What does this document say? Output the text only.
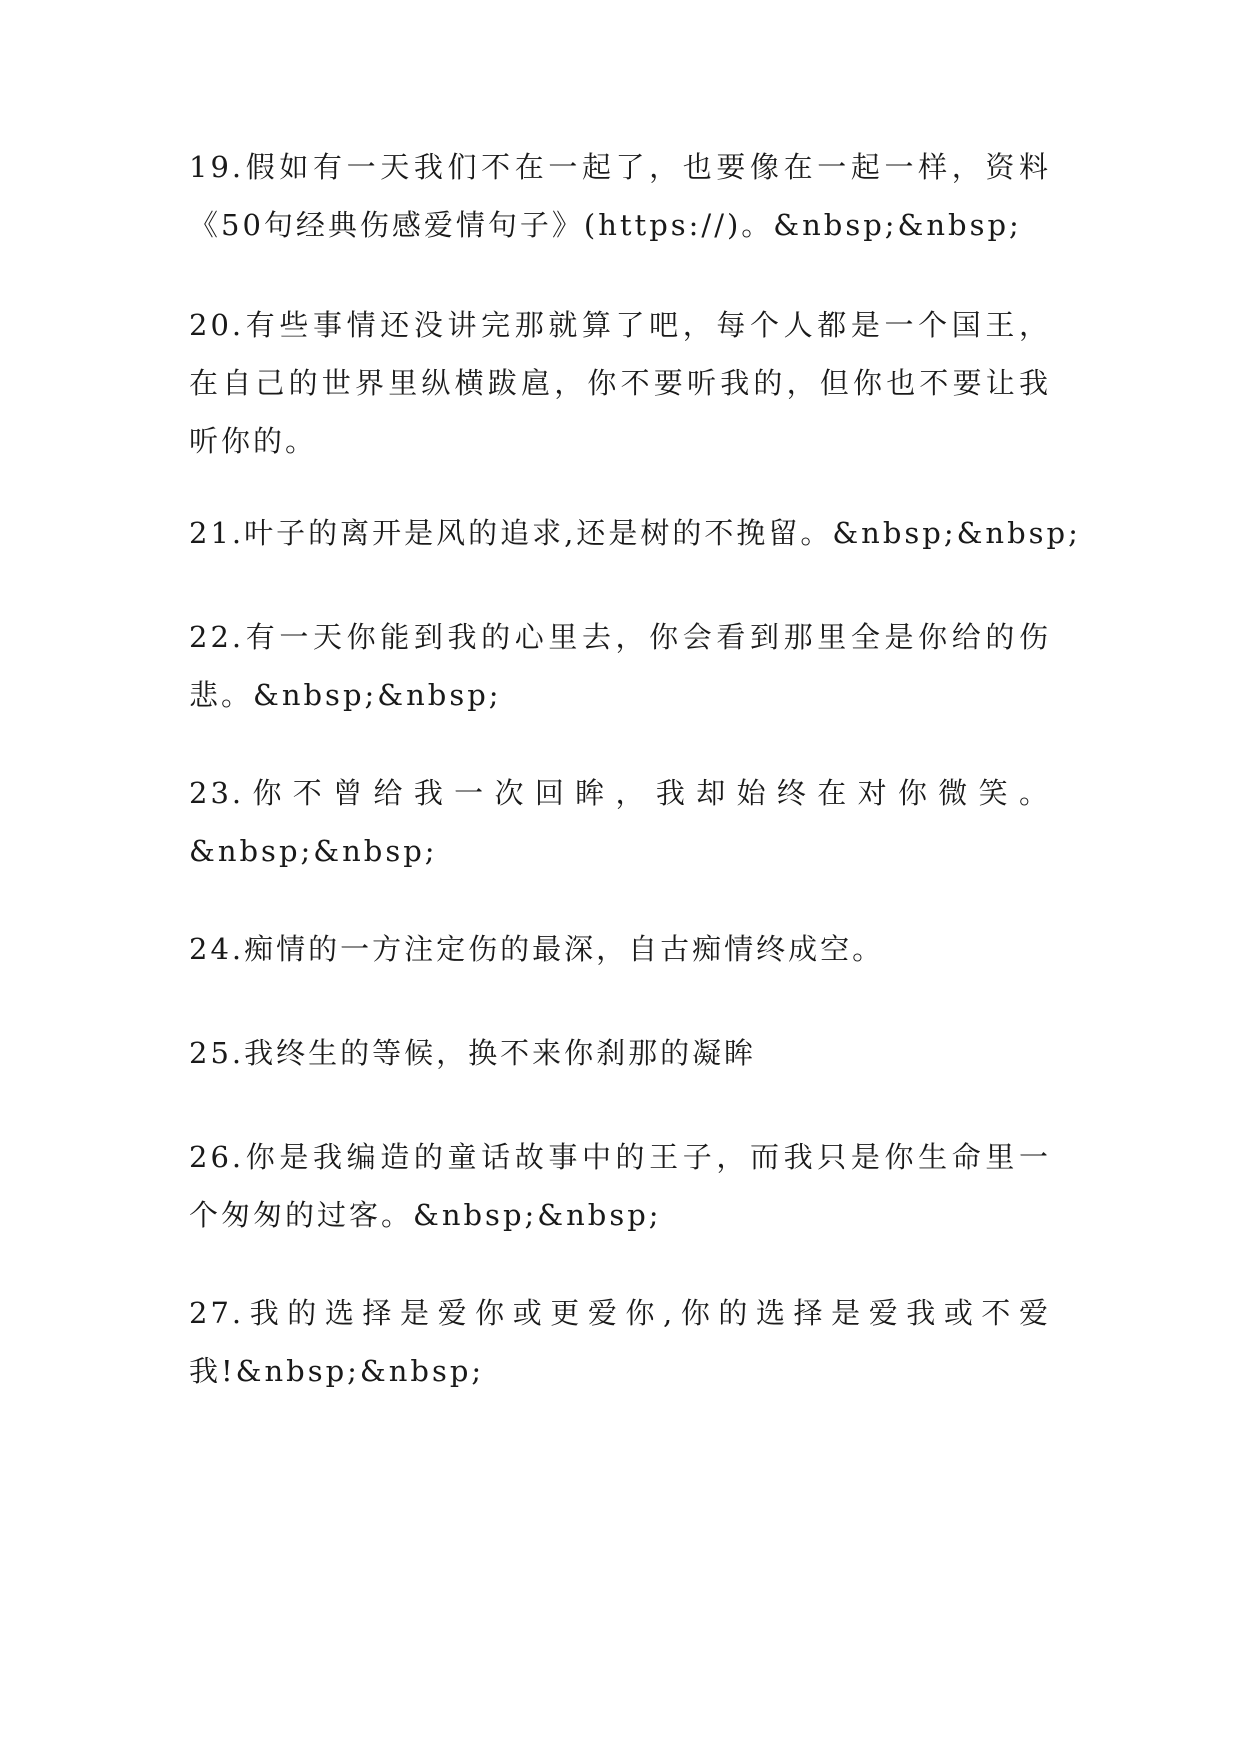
19.假如有一天我们不在一起了，也要像在一起一样，资料
《50句经典伤感爱情句子》(https://)。&nbsp;&nbsp;
20.有些事情还没讲完那就算了吧，每个人都是一个国王，
在自己的世界里纵横跋扈，你不要听我的，但你也不要让我
听你的。
21.叶子的离开是风的追求,还是树的不挽留。&nbsp;&nbsp;
22.有一天你能到我的心里去，你会看到那里全是你给的伤
悲。&nbsp;&nbsp;
23.你不曾给我一次回眸，我却始终在对你微笑。
&nbsp;&nbsp;
24.痴情的一方注定伤的最深，自古痴情终成空。
25.我终生的等候，换不来你刹那的凝眸
26.你是我编造的童话故事中的王子，而我只是你生命里一
个匆匆的过客。&nbsp;&nbsp;
27.我的选择是爱你或更爱你,你的选择是爱我或不爱
我!&nbsp;&nbsp;
